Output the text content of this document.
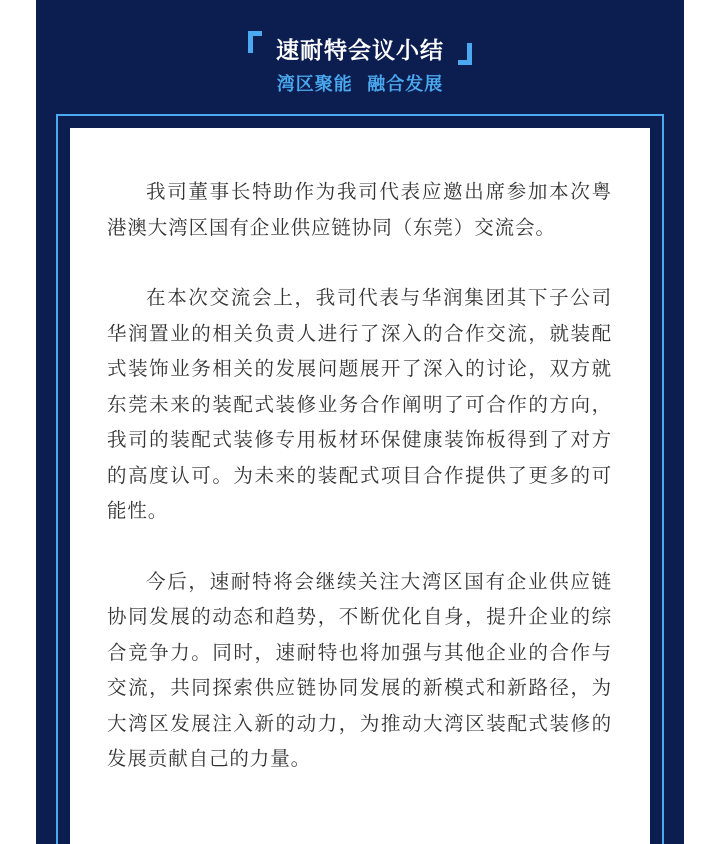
速耐特会议小结
湾区聚能  融合发展

我司董事长特助作为我司代表应邀出席参加本次粤港澳大湾区国有企业供应链协同（东莞）交流会。

在本次交流会上，我司代表与华润集团其下子公司华润置业的相关负责人进行了深入的合作交流，就装配式装饰业务相关的发展问题展开了深入的讨论，双方就东莞未来的装配式装修业务合作阐明了可合作的方向，我司的装配式装修专用板材环保健康装饰板得到了对方的高度认可。为未来的装配式项目合作提供了更多的可能性。

今后，速耐特将会继续关注大湾区国有企业供应链协同发展的动态和趋势，不断优化自身，提升企业的综合竞争力。同时，速耐特也将加强与其他企业的合作与交流，共同探索供应链协同发展的新模式和新路径，为大湾区发展注入新的动力，为推动大湾区装配式装修的发展贡献自己的力量。
